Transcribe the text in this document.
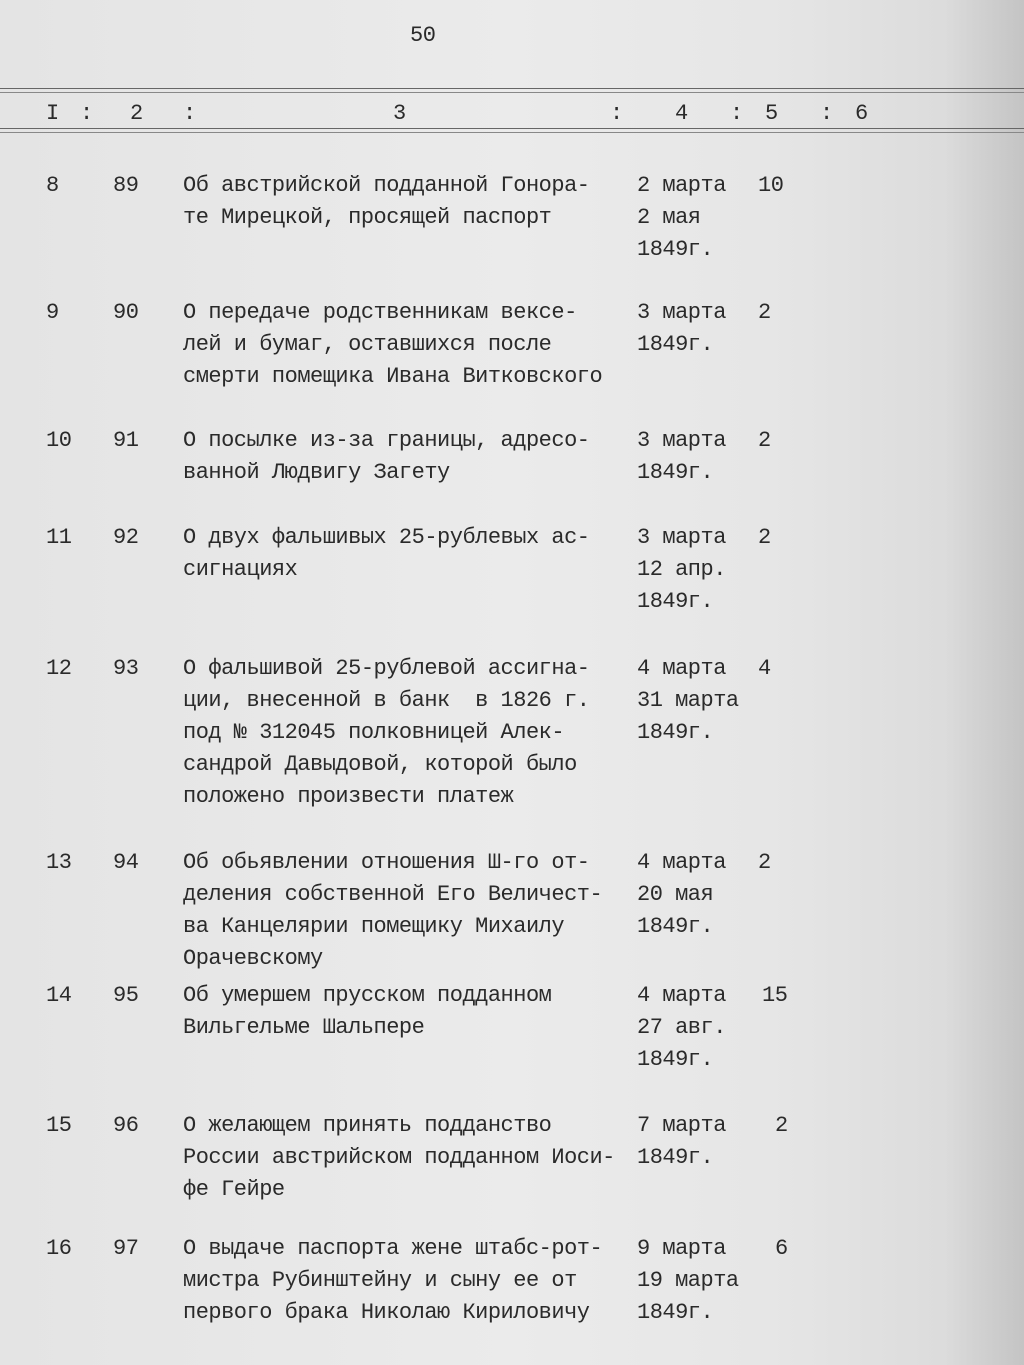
50
I : 2 :	3	: 4 : 5 : 6
8 89 Об австрийской подданной Гонора-
те Мирецкой, просящей паспорт
2 марта
2 мая
1849г.
10
9 90 О передаче родственникам вексе-
лей и бумаг, оставшихся после
смерти помещика Ивана Витковского
3 марта
1849г.
2
10 91 О посылке из-за границы, адресо-
ванной Людвигу Загету
3 марта
1849г.
2
11 92 О двух фальшивых 25-рублевых ас-
сигнациях
3 марта
12 апр.
1849г.
2
12 93 О фальшивой 25-рублевой ассигна-
ции, внесенной в банк  в 1826 г.
под № 312045 полковницей Алек-
сандрой Давыдовой, которой было
положено произвести платеж
4 марта
31 марта
1849г.
4
13 94 Об обьявлении отношения Ш-го от-
деления собственной Его Величест-
ва Канцелярии помещику Михаилу
Орачевскому
4 марта
20 мая
1849г.
2
14 95 Об умершем прусском подданном
Вильгельме Шальпере
4 марта
27 авг.
1849г.
15
15 96 О желающем принять подданство
России австрийском подданном Иоси-
фе Гейре
7 марта
1849г.
2
16 97 О выдаче паспорта жене штабс-рот-
мистра Рубинштейну и сыну ее от
первого брака Николаю Кириловичу
9 марта
19 марта
1849г.
6
